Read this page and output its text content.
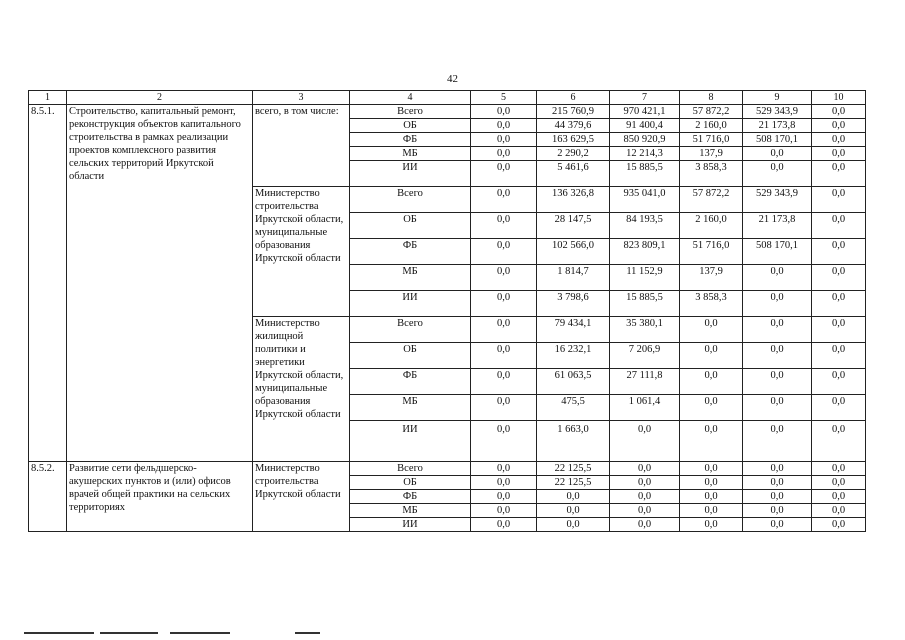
42
1	2	3	4	5	6	7	8	9	10
8.5.1.	Строительство, капитальный ремонт, реконструкция объектов капитального строительства в рамках реализации проектов комплексного развития сельских территорий Иркутской области	всего, в том числе:	Всего	0,0	215 760,9	970 421,1	57 872,2	529 343,9	0,0
			ОБ	0,0	44 379,6	91 400,4	2 160,0	21 173,8	0,0
			ФБ	0,0	163 629,5	850 920,9	51 716,0	508 170,1	0,0
			МБ	0,0	2 290,2	12 214,3	137,9	0,0	0,0
			ИИ	0,0	5 461,6	15 885,5	3 858,3	0,0	0,0
		Министерство строительства Иркутской области, муниципальные образования Иркутской области	Всего	0,0	136 326,8	935 041,0	57 872,2	529 343,9	0,0
			ОБ	0,0	28 147,5	84 193,5	2 160,0	21 173,8	0,0
			ФБ	0,0	102 566,0	823 809,1	51 716,0	508 170,1	0,0
			МБ	0,0	1 814,7	11 152,9	137,9	0,0	0,0
			ИИ	0,0	3 798,6	15 885,5	3 858,3	0,0	0,0
		Министерство жилищной политики и энергетики Иркутской области, муниципальные образования Иркутской области	Всего	0,0	79 434,1	35 380,1	0,0	0,0	0,0
			ОБ	0,0	16 232,1	7 206,9	0,0	0,0	0,0
			ФБ	0,0	61 063,5	27 111,8	0,0	0,0	0,0
			МБ	0,0	475,5	1 061,4	0,0	0,0	0,0
			ИИ	0,0	1 663,0	0,0	0,0	0,0	0,0
8.5.2.	Развитие сети фельдшерско-акушерских пунктов и (или) офисов врачей общей практики на сельских территориях	Министерство строительства Иркутской области	Всего	0,0	22 125,5	0,0	0,0	0,0	0,0
			ОБ	0,0	22 125,5	0,0	0,0	0,0	0,0
			ФБ	0,0	0,0	0,0	0,0	0,0	0,0
			МБ	0,0	0,0	0,0	0,0	0,0	0,0
			ИИ	0,0	0,0	0,0	0,0	0,0	0,0
